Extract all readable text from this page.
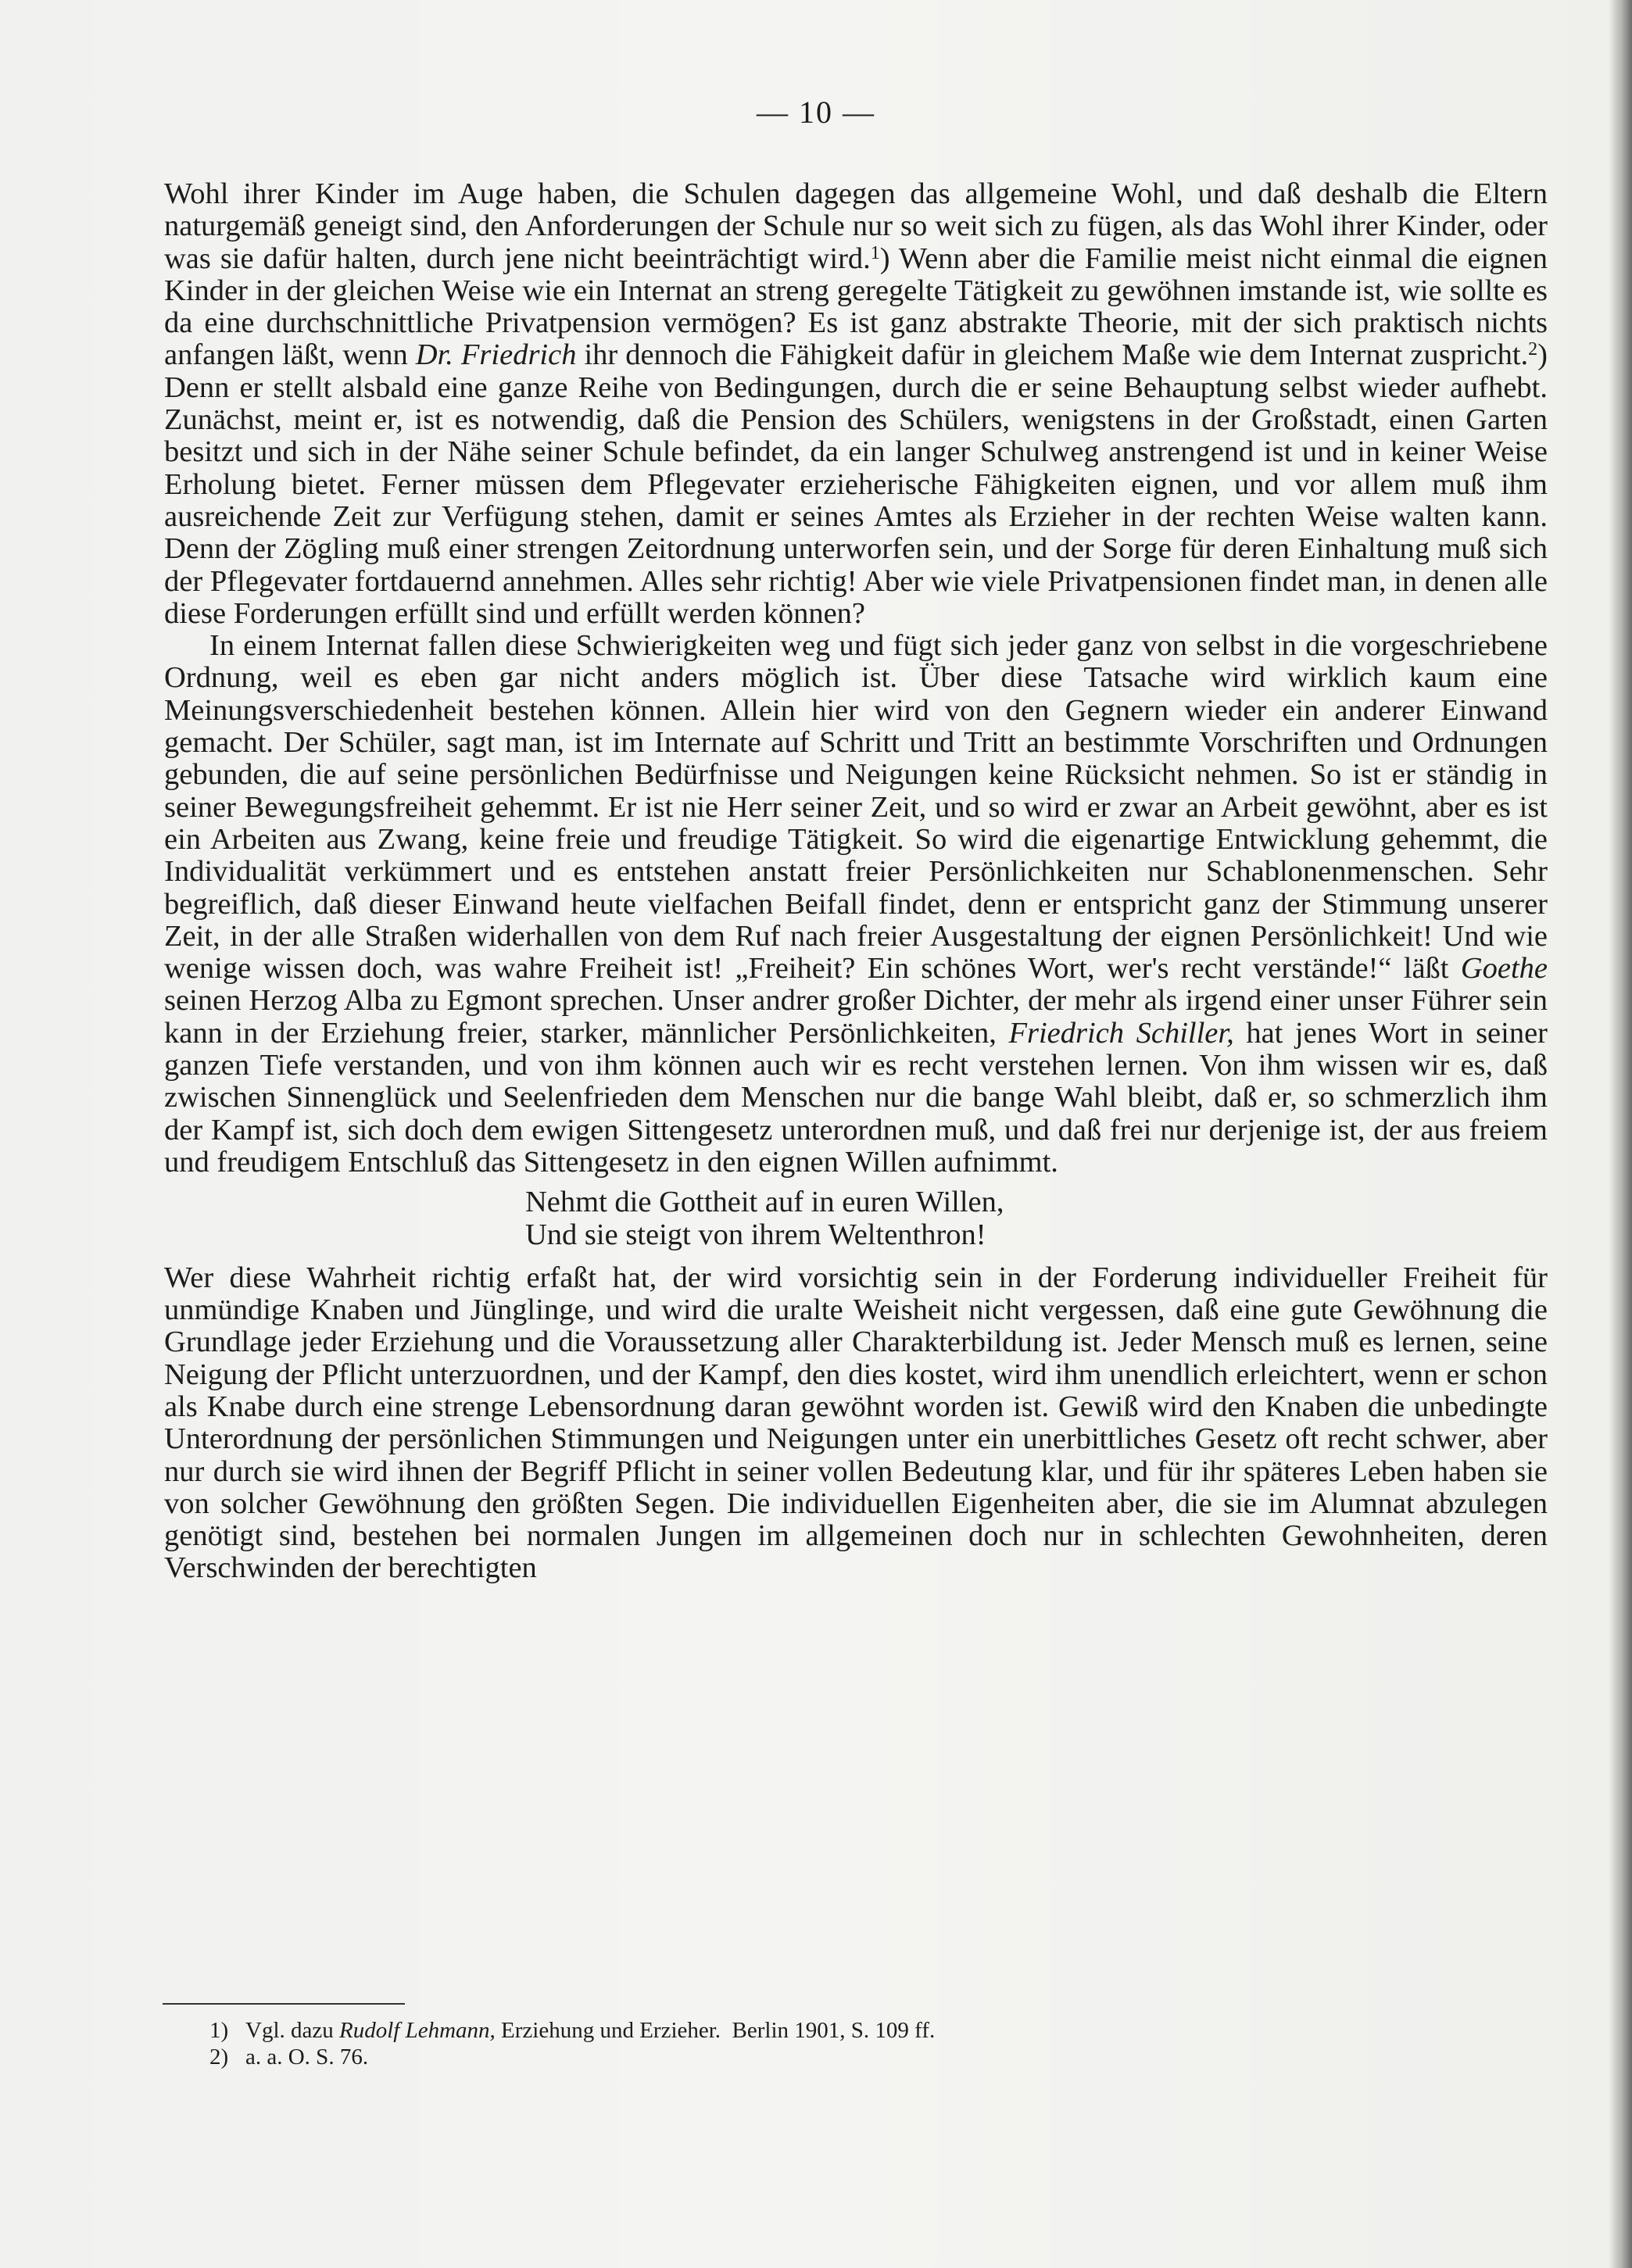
— 10 —

Wohl ihrer Kinder im Auge haben, die Schulen dagegen das allgemeine Wohl, und daß deshalb die Eltern naturgemäß geneigt sind, den Anforderungen der Schule nur so weit sich zu fügen, als das Wohl ihrer Kinder, oder was sie dafür halten, durch jene nicht beeinträchtigt wird.$^1$) Wenn aber die Familie meist nicht einmal die eignen Kinder in der gleichen Weise wie ein Internat an streng geregelte Tätigkeit zu gewöhnen imstande ist, wie sollte es da eine durchschnittliche Privatpension vermögen? Es ist ganz abstrakte Theorie, mit der sich praktisch nichts anfangen läßt, wenn Dr. Friedrich ihr dennoch die Fähigkeit dafür in gleichem Maße wie dem Internat zuspricht.$^2$) Denn er stellt alsbald eine ganze Reihe von Bedingungen, durch die er seine Behauptung selbst wieder aufhebt. Zunächst, meint er, ist es notwendig, daß die Pension des Schülers, wenigstens in der Großstadt, einen Garten besitzt und sich in der Nähe seiner Schule befindet, da ein langer Schulweg anstrengend ist und in keiner Weise Erholung bietet. Ferner müssen dem Pflegevater erzieherische Fähigkeiten eignen, und vor allem muß ihm ausreichende Zeit zur Verfügung stehen, damit er seines Amtes als Erzieher in der rechten Weise walten kann. Denn der Zögling muß einer strengen Zeitordnung unterworfen sein, und der Sorge für deren Einhaltung muß sich der Pflegevater fortdauernd annehmen. Alles sehr richtig! Aber wie viele Privatpensionen findet man, in denen alle diese Forderungen erfüllt sind und erfüllt werden können?

In einem Internat fallen diese Schwierigkeiten weg und fügt sich jeder ganz von selbst in die vorgeschriebene Ordnung, weil es eben gar nicht anders möglich ist. Über diese Tatsache wird wirklich kaum eine Meinungsverschiedenheit bestehen können. Allein hier wird von den Gegnern wieder ein anderer Einwand gemacht. Der Schüler, sagt man, ist im Internate auf Schritt und Tritt an bestimmte Vorschriften und Ordnungen gebunden, die auf seine persönlichen Bedürfnisse und Neigungen keine Rücksicht nehmen. So ist er ständig in seiner Bewegungsfreiheit gehemmt. Er ist nie Herr seiner Zeit, und so wird er zwar an Arbeit gewöhnt, aber es ist ein Arbeiten aus Zwang, keine freie und freudige Tätigkeit. So wird die eigenartige Entwicklung gehemmt, die Individualität verkümmert und es entstehen anstatt freier Persönlichkeiten nur Schablonenmenschen. Sehr begreiflich, daß dieser Einwand heute vielfachen Beifall findet, denn er entspricht ganz der Stimmung unserer Zeit, in der alle Straßen widerhallen von dem Ruf nach freier Ausgestaltung der eignen Persönlichkeit! Und wie wenige wissen doch, was wahre Freiheit ist! „Freiheit? Ein schönes Wort, wer's recht verstände!“ läßt Goethe seinen Herzog Alba zu Egmont sprechen. Unser andrer großer Dichter, der mehr als irgend einer unser Führer sein kann in der Erziehung freier, starker, männlicher Persönlichkeiten, Friedrich Schiller, hat jenes Wort in seiner ganzen Tiefe verstanden, und von ihm können auch wir es recht verstehen lernen. Von ihm wissen wir es, daß zwischen Sinnenglück und Seelenfrieden dem Menschen nur die bange Wahl bleibt, daß er, so schmerzlich ihm der Kampf ist, sich doch dem ewigen Sittengesetz unterordnen muß, und daß frei nur derjenige ist, der aus freiem und freudigem Entschluß das Sittengesetz in den eignen Willen aufnimmt.

Nehmt die Gottheit auf in euren Willen,
Und sie steigt von ihrem Weltenthron!

Wer diese Wahrheit richtig erfaßt hat, der wird vorsichtig sein in der Forderung individueller Freiheit für unmündige Knaben und Jünglinge, und wird die uralte Weisheit nicht vergessen, daß eine gute Gewöhnung die Grundlage jeder Erziehung und die Voraussetzung aller Charakterbildung ist. Jeder Mensch muß es lernen, seine Neigung der Pflicht unterzuordnen, und der Kampf, den dies kostet, wird ihm unendlich erleichtert, wenn er schon als Knabe durch eine strenge Lebensordnung daran gewöhnt worden ist. Gewiß wird den Knaben die unbedingte Unterordnung der persönlichen Stimmungen und Neigungen unter ein unerbittliches Gesetz oft recht schwer, aber nur durch sie wird ihnen der Begriff Pflicht in seiner vollen Bedeutung klar, und für ihr späteres Leben haben sie von solcher Gewöhnung den größten Segen. Die individuellen Eigenheiten aber, die sie im Alumnat abzulegen genötigt sind, bestehen bei normalen Jungen im allgemeinen doch nur in schlechten Gewohnheiten, deren Verschwinden der berechtigten

1) Vgl. dazu Rudolf Lehmann, Erziehung und Erzieher.  Berlin 1901, S. 109 ff.
2) a. a. O. S. 76.
